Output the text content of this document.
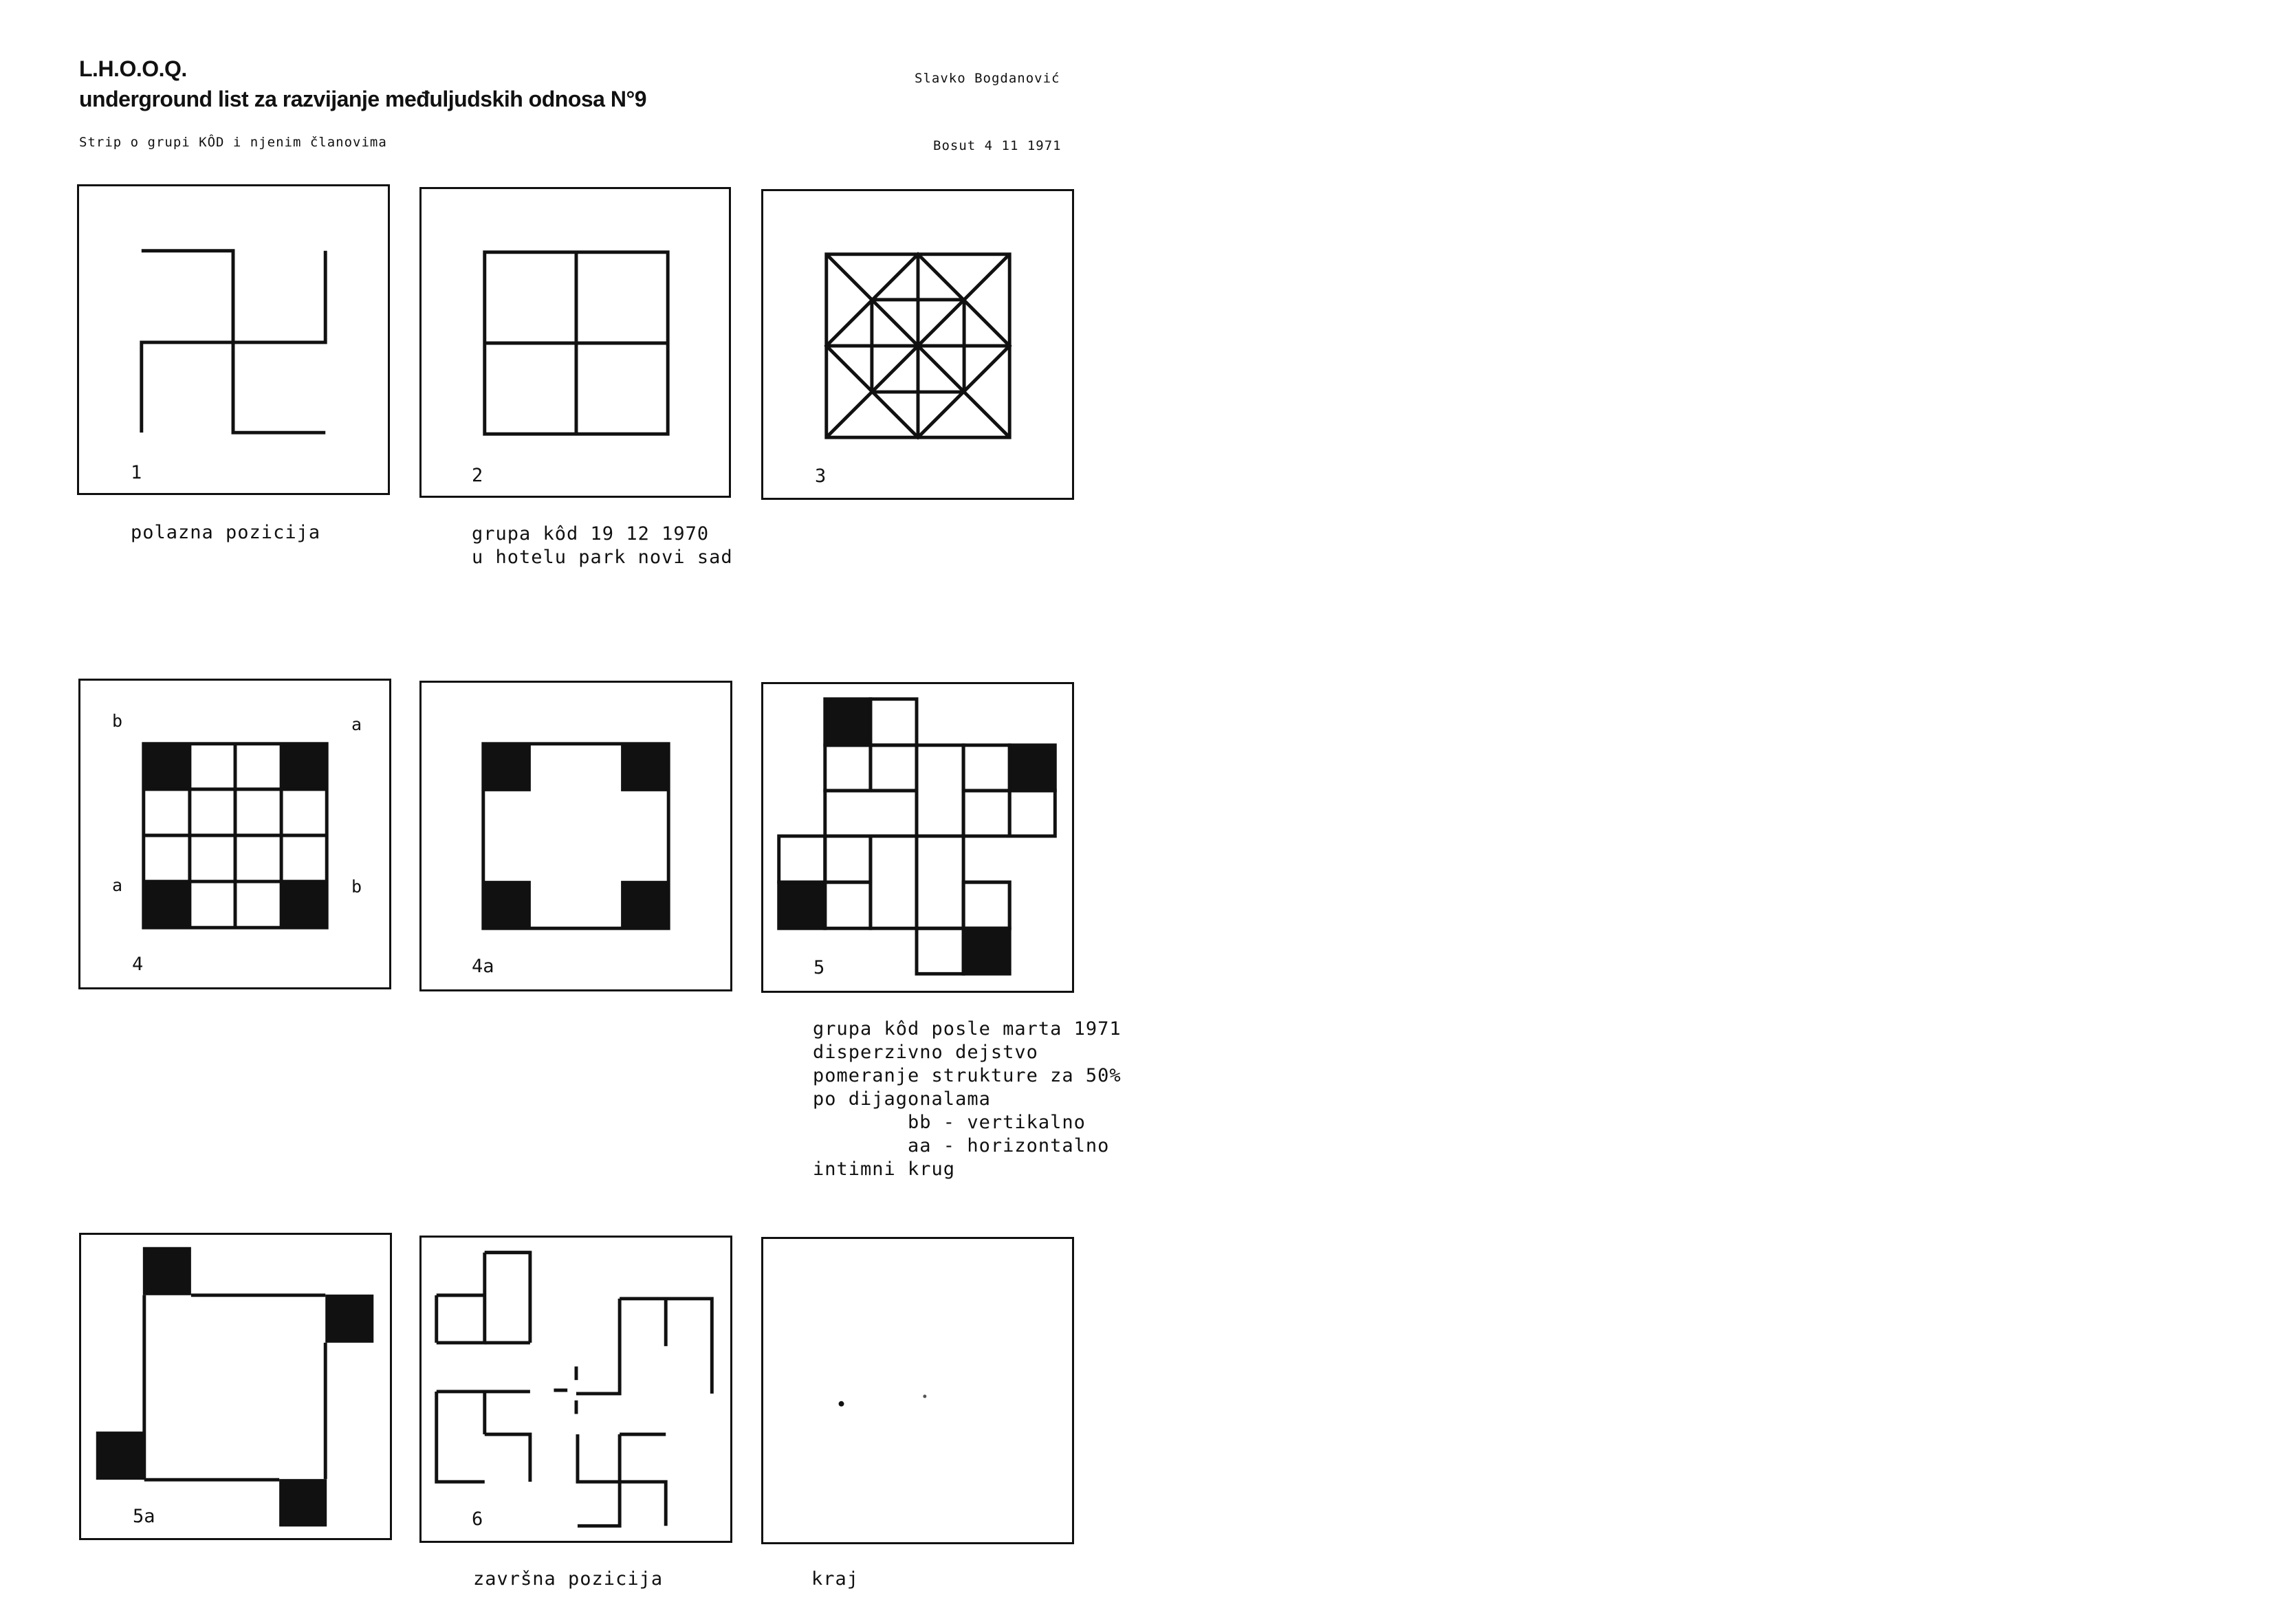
L.H.O.O.Q.
underground list za razvijanje međuljudskih odnosa N°9
Strip o grupi KÔD i njenim članovima
Slavko Bogdanović
Bosut 4 11 1971
1	2	3
polazna pozicija	grupa kôd 19 12 1970
u hotelu park novi sad
b	a
a	b
4	4a	5
grupa kôd posle marta 1971
disperzivno dejstvo
pomeranje strukture za 50%
po dijagonalama
bb - vertikalno
aa - horizontalno
intimni krug
5a	6
završna pozicija	kraj
